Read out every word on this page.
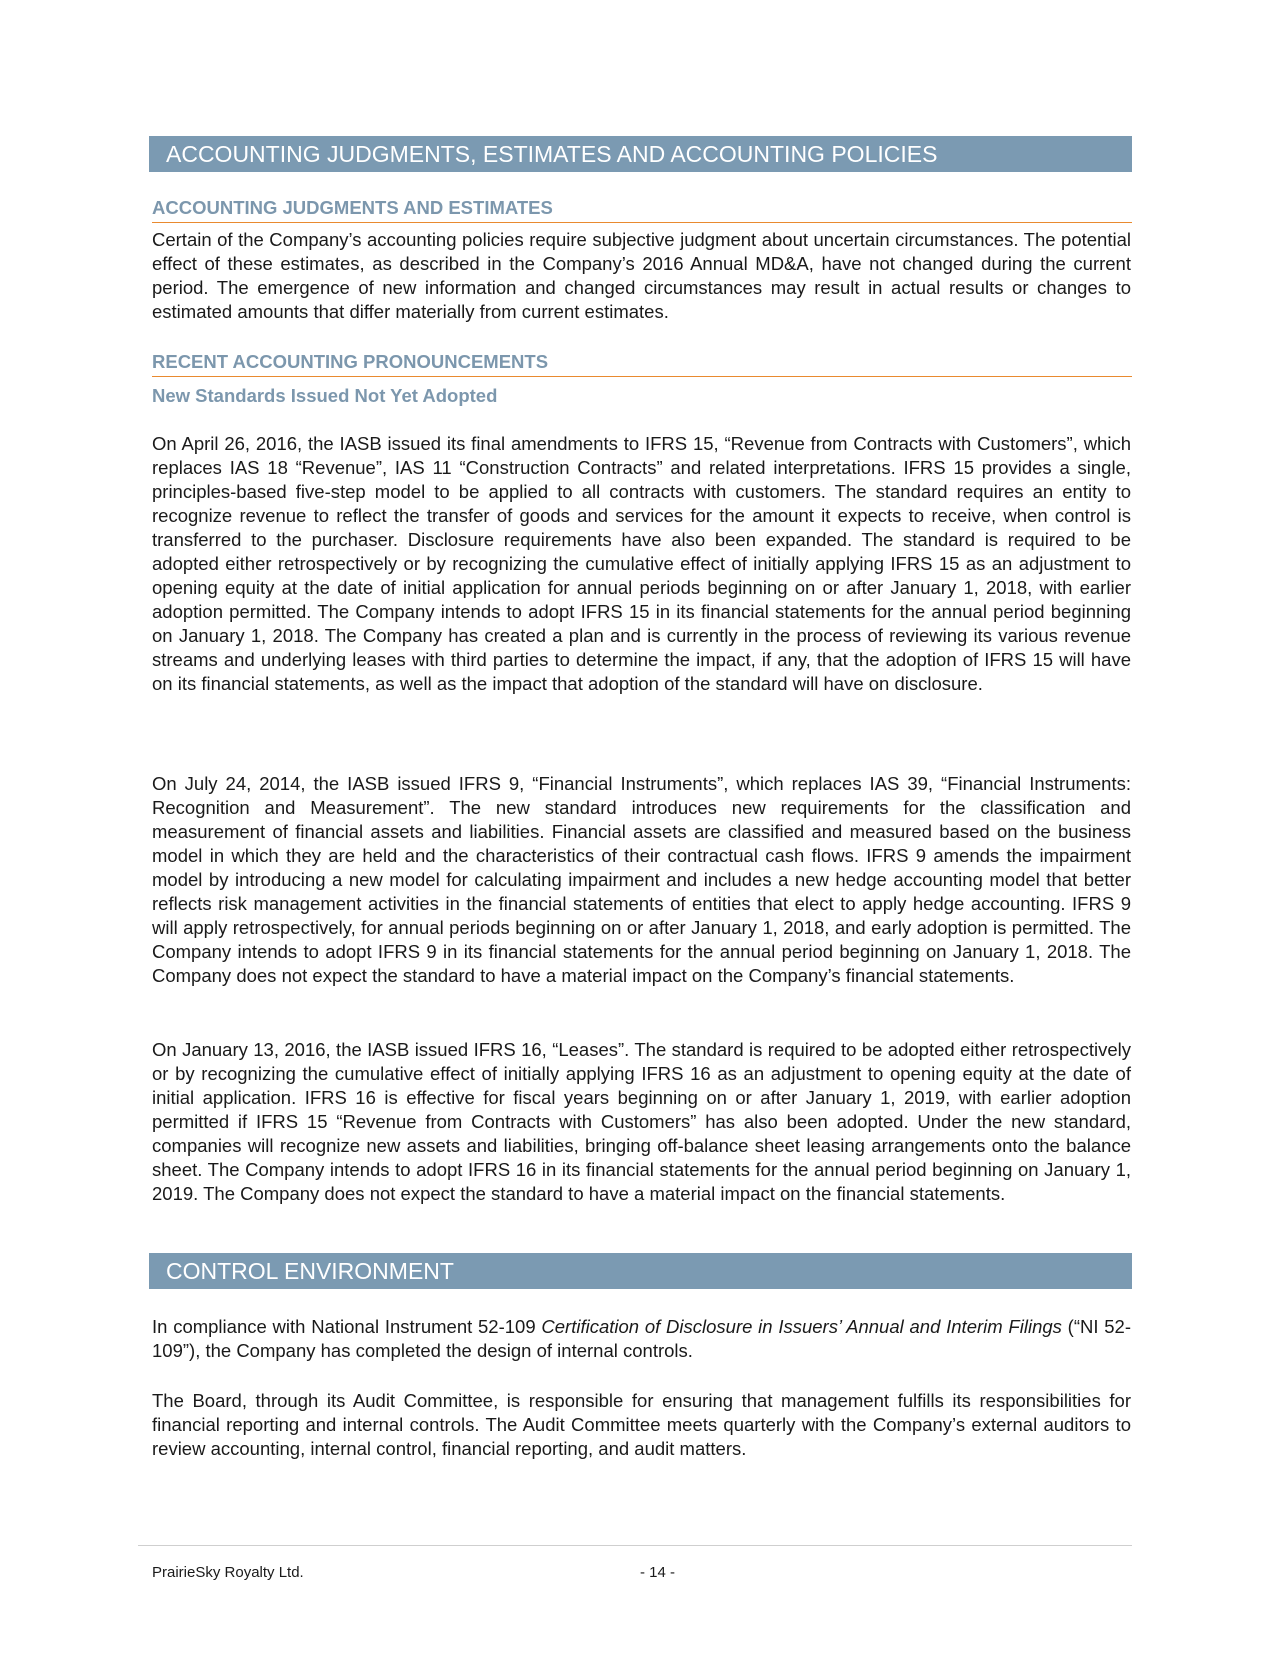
ACCOUNTING JUDGMENTS, ESTIMATES AND ACCOUNTING POLICIES
ACCOUNTING JUDGMENTS AND ESTIMATES

Certain of the Company’s accounting policies require subjective judgment about uncertain circumstances. The potential effect of these estimates, as described in the Company’s 2016 Annual MD&A, have not changed during the current period. The emergence of new information and changed circumstances may result in actual results or changes to estimated amounts that differ materially from current estimates.

RECENT ACCOUNTING PRONOUNCEMENTS
New Standards Issued Not Yet Adopted

On April 26, 2016, the IASB issued its final amendments to IFRS 15, “Revenue from Contracts with Customers”, which replaces IAS 18 “Revenue”, IAS 11 “Construction Contracts” and related interpretations. IFRS 15 provides a single, principles-based five-step model to be applied to all contracts with customers. The standard requires an entity to recognize revenue to reflect the transfer of goods and services for the amount it expects to receive, when control is transferred to the purchaser. Disclosure requirements have also been expanded. The standard is required to be adopted either retrospectively or by recognizing the cumulative effect of initially applying IFRS 15 as an adjustment to opening equity at the date of initial application for annual periods beginning on or after January 1, 2018, with earlier adoption permitted. The Company intends to adopt IFRS 15 in its financial statements for the annual period beginning on January 1, 2018. The Company has created a plan and is currently in the process of reviewing its various revenue streams and underlying leases with third parties to determine the impact, if any, that the adoption of IFRS 15 will have on its financial statements, as well as the impact that adoption of the standard will have on disclosure.

On July 24, 2014, the IASB issued IFRS 9, “Financial Instruments”, which replaces IAS 39, “Financial Instruments: Recognition and Measurement”. The new standard introduces new requirements for the classification and measurement of financial assets and liabilities. Financial assets are classified and measured based on the business model in which they are held and the characteristics of their contractual cash flows. IFRS 9 amends the impairment model by introducing a new model for calculating impairment and includes a new hedge accounting model that better reflects risk management activities in the financial statements of entities that elect to apply hedge accounting. IFRS 9 will apply retrospectively, for annual periods beginning on or after January 1, 2018, and early adoption is permitted. The Company intends to adopt IFRS 9 in its financial statements for the annual period beginning on January 1, 2018. The Company does not expect the standard to have a material impact on the Company’s financial statements.

On January 13, 2016, the IASB issued IFRS 16, “Leases”. The standard is required to be adopted either retrospectively or by recognizing the cumulative effect of initially applying IFRS 16 as an adjustment to opening equity at the date of initial application. IFRS 16 is effective for fiscal years beginning on or after January 1, 2019, with earlier adoption permitted if IFRS 15 “Revenue from Contracts with Customers” has also been adopted. Under the new standard, companies will recognize new assets and liabilities, bringing off-balance sheet leasing arrangements onto the balance sheet. The Company intends to adopt IFRS 16 in its financial statements for the annual period beginning on January 1, 2019. The Company does not expect the standard to have a material impact on the financial statements.

CONTROL ENVIRONMENT

In compliance with National Instrument 52-109 Certification of Disclosure in Issuers’ Annual and Interim Filings (“NI 52-109”), the Company has completed the design of internal controls.

The Board, through its Audit Committee, is responsible for ensuring that management fulfills its responsibilities for financial reporting and internal controls. The Audit Committee meets quarterly with the Company’s external auditors to review accounting, internal control, financial reporting, and audit matters.

PrairieSky Royalty Ltd.	- 14 -
